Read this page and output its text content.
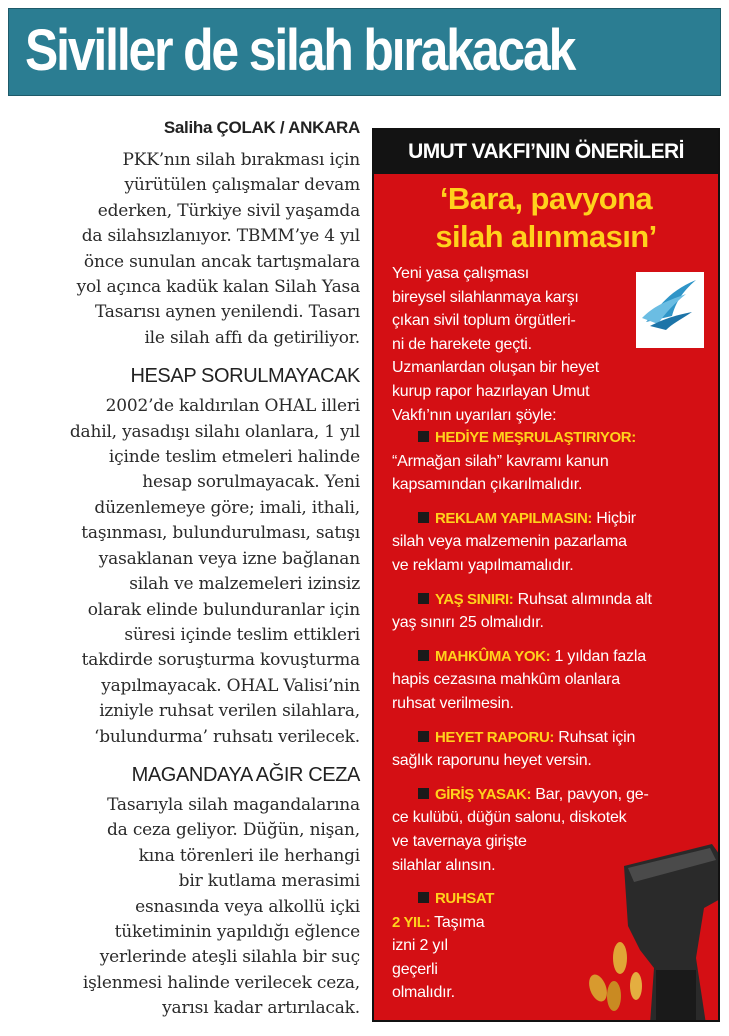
Siviller de silah bırakacak

Saliha ÇOLAK / ANKARA

PKK’nın silah bırakması için
yürütülen çalışmalar devam
ederken, Türkiye sivil yaşamda
da silahsızlanıyor. TBMM’ye 4 yıl
önce sunulan ancak tartışmalara
yol açınca kadük kalan Silah Yasa
Tasarısı aynen yenilendi. Tasarı
ile silah affı da getiriliyor.

HESAP SORULMAYACAK

2002’de kaldırılan OHAL illeri
dahil, yasadışı silahı olanlara, 1 yıl
içinde teslim etmeleri halinde
hesap sorulmayacak. Yeni
düzenlemeye göre; imali, ithali,
taşınması, bulundurulması, satışı
yasaklanan veya izne bağlanan
silah ve malzemeleri izinsiz
olarak elinde bulunduranlar için
süresi içinde teslim ettikleri
takdirde soruşturma kovuşturma
yapılmayacak. OHAL Valisi’nin
izniyle ruhsat verilen silahlara,
‘bulundurma’ ruhsatı verilecek.

MAGANDAYA AĞIR CEZA

Tasarıyla silah magandalarına
da ceza geliyor. Düğün, nişan,
kına törenleri ile herhangi
bir kutlama merasimi
esnasında veya alkollü içki
tüketiminin yapıldığı eğlence
yerlerinde ateşli silahla bir suç
işlenmesi halinde verilecek ceza,
yarısı kadar artırılacak.

UMUT VAKFI’NIN ÖNERİLERİ
‘Bara, pavyona
silah alınmasın’
Yeni yasa çalışması
bireysel silahlanmaya karşı
çıkan sivil toplum örgütleri-
ni de harekete geçti.
Uzmanlardan oluşan bir heyet
kurup rapor hazırlayan Umut
Vakfı’nın uyarıları şöyle:
HEDİYE MEŞRULAŞTIRIYOR:
“Armağan silah” kavramı kanun
kapsamından çıkarılmalıdır.
REKLAM YAPILMASIN: Hiçbir
silah veya malzemenin pazarlama
ve reklamı yapılmamalıdır.
YAŞ SINIRI: Ruhsat alımında alt
yaş sınırı 25 olmalıdır.
MAHKÛMA YOK: 1 yıldan fazla
hapis cezasına mahkûm olanlara
ruhsat verilmesin.
HEYET RAPORU: Ruhsat için
sağlık raporunu heyet versin.
GİRİŞ YASAK: Bar, pavyon, ge-
ce kulübü, düğün salonu, diskotek
ve tavernaya girişte
silahlar alınsın.
RUHSAT
2 YIL: Taşıma
izni 2 yıl
geçerli
olmalıdır.
